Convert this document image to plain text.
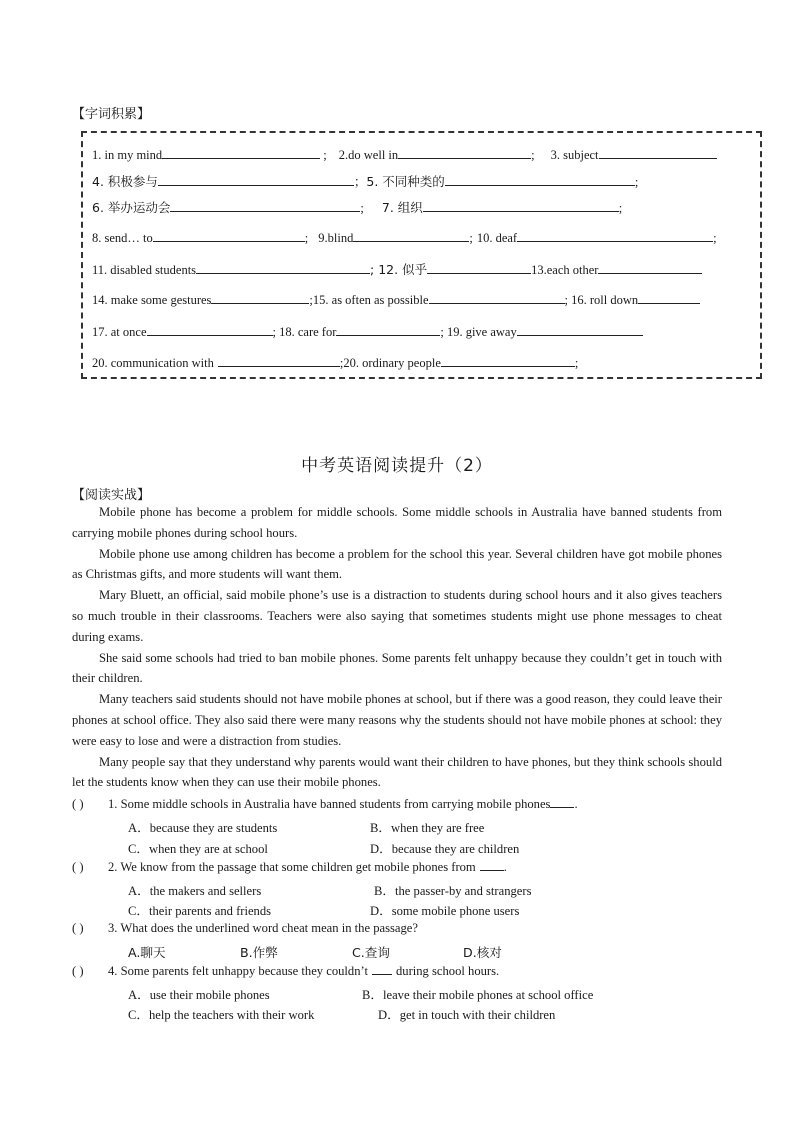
【字词积累】
1. in my mind	; 2.do well in	; 3. subject
4. 积极参与	；5. 不同种类的	;
6. 举办运动会	; 7. 组织	;
8. send… to	; 9.blind	; 10. deaf	;
11. disabled students	; 12. 似乎	13.each other
14. make some gestures	;15. as often as possible	; 16. roll down
17. at once	; 18. care for	; 19. give away
20. communication with	;20. ordinary people	;
中考英语阅读提升（2）
【阅读实战】

Mobile phone has become a problem for middle schools. Some middle schools in Australia have banned students from carrying mobile phones during school hours.

Mobile phone use among children has become a problem for the school this year. Several children have got mobile phones as Christmas gifts, and more students will want them.

Mary Bluett, an official, said mobile phone’s use is a distraction to students during school hours and it also gives teachers so much trouble in their classrooms. Teachers were also saying that sometimes students might use phone messages to cheat during exams.

She said some schools had tried to ban mobile phones. Some parents felt unhappy because they couldn’t get in touch with their children.

Many teachers said students should not have mobile phones at school, but if there was a good reason, they could leave their phones at school office. They also said there were many reasons why the students should not have mobile phones at school: they were easy to lose and were a distraction from studies.

Many people say that they understand why parents would want their children to have phones, but they think schools should let the students know when they can use their mobile phones.

( ) 1. Some middle schools in Australia have banned students from carrying mobile phones .
A．because they are students	B．when they are free
C．when they are at school	D．because they are children
( ) 2. We know from the passage that some children get mobile phones from .
A．the makers and sellers	B．the passer-by and strangers
C．their parents and friends	D．some mobile phone users
( ) 3. What does the underlined word cheat mean in the passage?
A.聊天	B.作弊	C.查询	D.核对
( ) 4. Some parents felt unhappy because they couldn’t during school hours.
A．use their mobile phones	B．leave their mobile phones at school office
C．help the teachers with their work	D．get in touch with their children
